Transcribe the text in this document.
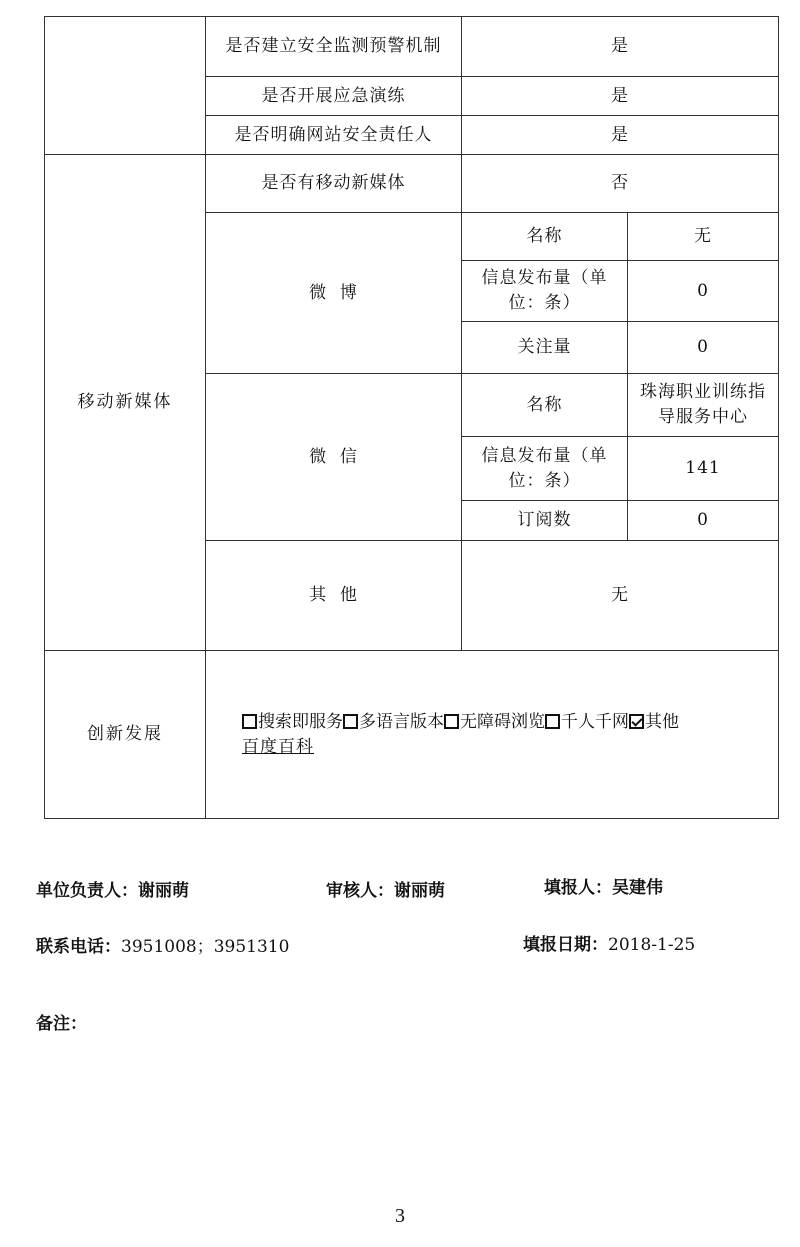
	是否建立安全监测预警机制	是	
	是否开展应急演练	是	
	是否明确网站安全责任人	是	
移动新媒体	是否有移动新媒体	否	
	微  博	名称	无
		信息发布量（单位：条）	0
		关注量	0
	微  信	名称	珠海职业训练指导服务中心
		信息发布量（单位：条）	141
		订阅数	0
	其  他	无	
创新发展	搜索即服务 多语言版本 无障碍浏览 千人千网 其他
百度百科		
单位负责人：谢丽萌	审核人：谢丽萌	填报人：吴建伟
联系电话：3951008；3951310	填报日期：2018-1-25
备注：
3
